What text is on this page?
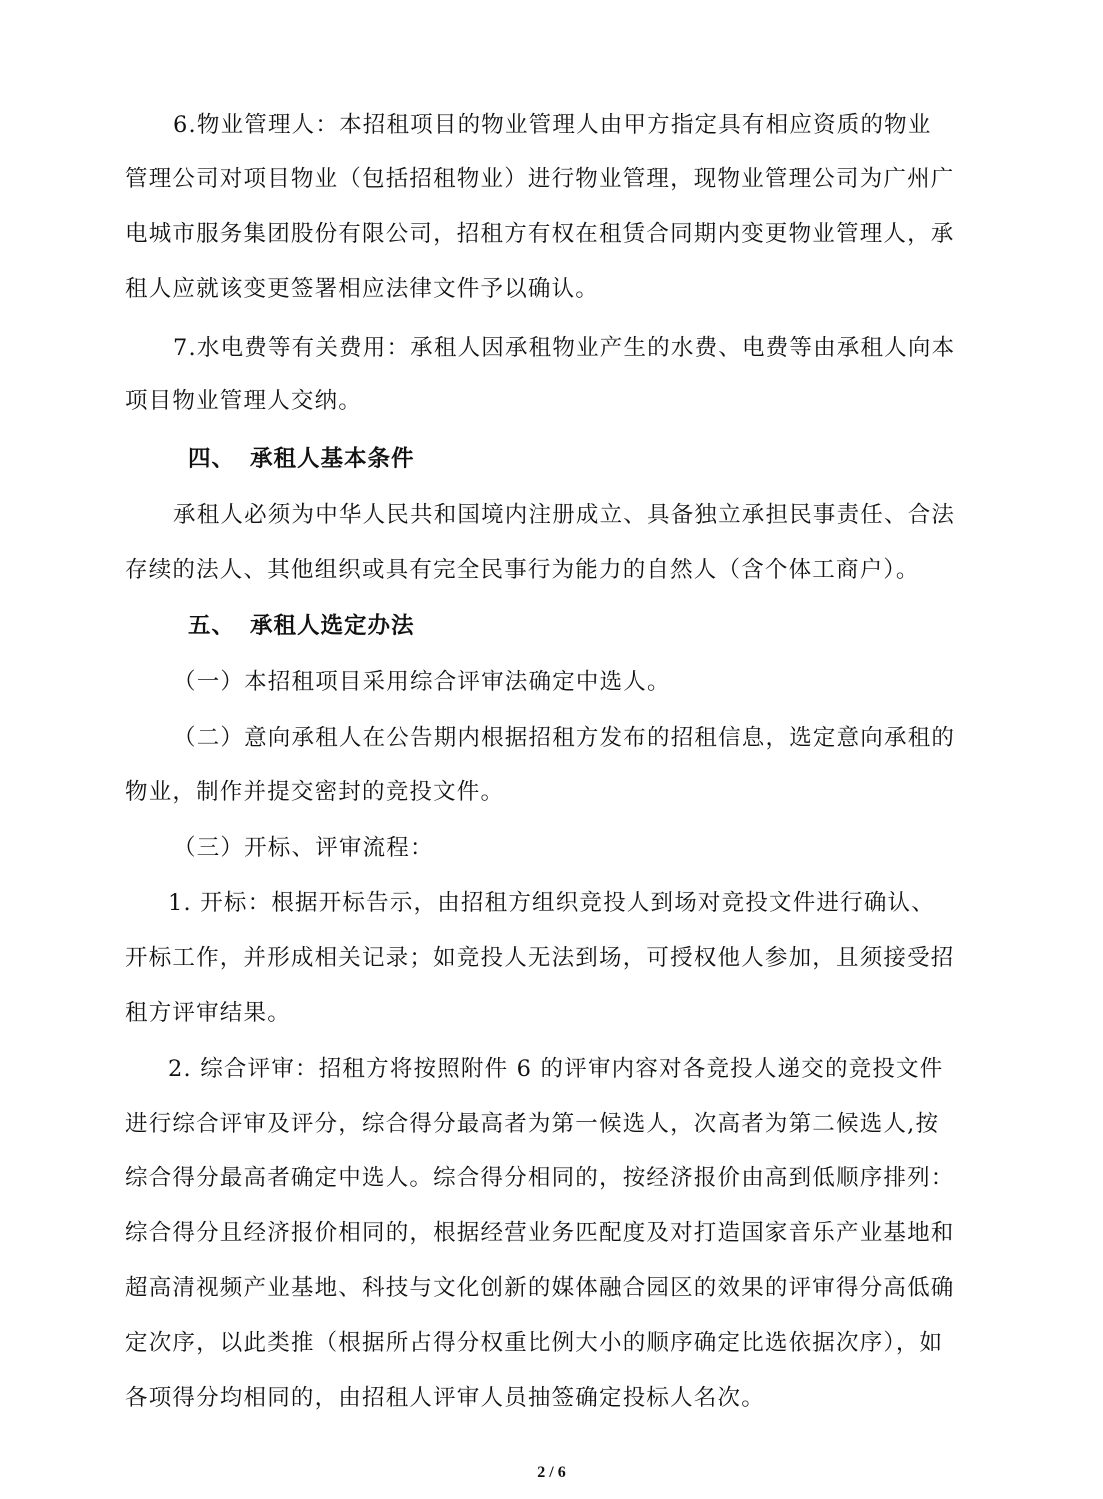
6.物业管理人：本招租项目的物业管理人由甲方指定具有相应资质的物业
管理公司对项目物业（包括招租物业）进行物业管理，现物业管理公司为广州广
电城市服务集团股份有限公司，招租方有权在租赁合同期内变更物业管理人，承
租人应就该变更签署相应法律文件予以确认。
7.水电费等有关费用：承租人因承租物业产生的水费、电费等由承租人向本
项目物业管理人交纳。
四、 承租人基本条件
承租人必须为中华人民共和国境内注册成立、具备独立承担民事责任、合法
存续的法人、其他组织或具有完全民事行为能力的自然人（含个体工商户）。
五、 承租人选定办法
（一）本招租项目采用综合评审法确定中选人。
（二）意向承租人在公告期内根据招租方发布的招租信息，选定意向承租的
物业，制作并提交密封的竞投文件。
（三）开标、评审流程：
1. 开标：根据开标告示，由招租方组织竞投人到场对竞投文件进行确认、
开标工作，并形成相关记录；如竞投人无法到场，可授权他人参加，且须接受招
租方评审结果。
2. 综合评审：招租方将按照附件 6 的评审内容对各竞投人递交的竞投文件
进行综合评审及评分，综合得分最高者为第一候选人，次高者为第二候选人,按
综合得分最高者确定中选人。综合得分相同的，按经济报价由高到低顺序排列：
综合得分且经济报价相同的，根据经营业务匹配度及对打造国家音乐产业基地和
超高清视频产业基地、科技与文化创新的媒体融合园区的效果的评审得分高低确
定次序，以此类推（根据所占得分权重比例大小的顺序确定比选依据次序），如
各项得分均相同的，由招租人评审人员抽签确定投标人名次。
2 / 6
